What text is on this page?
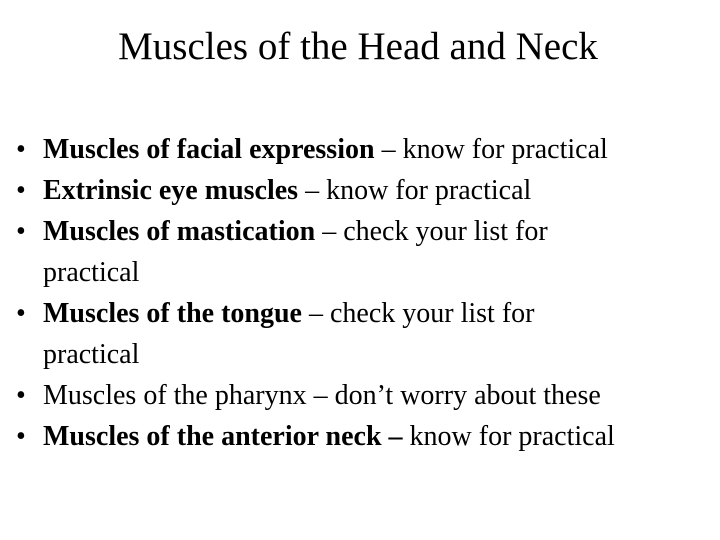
Muscles of the Head and Neck
• Muscles of facial expression – know for practical
• Extrinsic eye muscles – know for practical
• Muscles of mastication – check your list for practical
• Muscles of the tongue – check your list for practical
• Muscles of the pharynx – don’t worry about these
• Muscles of the anterior neck – know for practical
